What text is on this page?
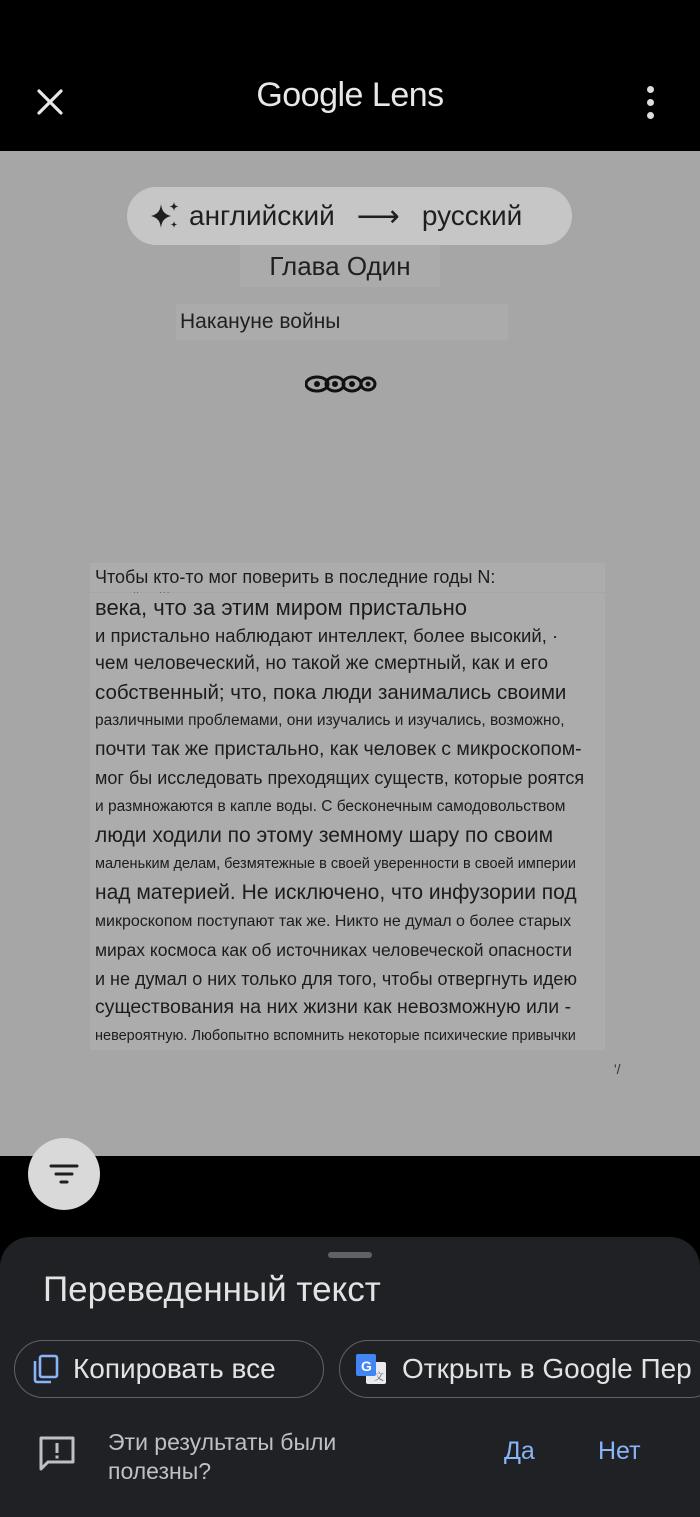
Google Lens
английский ⟶ русский
Глава Один
Накануне войны
Чтобы кто-то мог поверить в последние годы N:
века, что за этим миром пристально
и пристально наблюдают интеллект, более высокий, ·
чем человеческий, но такой же смертный, как и его
собственный; что, пока люди занимались своими
различными проблемами, они изучались и изучались, возможно,
почти так же пристально, как человек с микроскопом-
мог бы исследовать преходящих существ, которые роятся
и размножаются в капле воды. С бесконечным самодовольством
люди ходили по этому земному шару по своим
маленьким делам, безмятежные в своей уверенности в своей империи
над материей. Не исключено, что инфузории под
микроскопом поступают так же. Никто не думал о более старых
мирах космоса как об источниках человеческой опасности
и не думал о них только для того, чтобы отвергнуть идею
существования на них жизни как невозможную или -
невероятную. Любопытно вспомнить некоторые психические привычки
'/
Переведенный текст
Копировать все	G
文 Открыть в Google Пер
Эти результаты были
полезны?
Да	Нет
